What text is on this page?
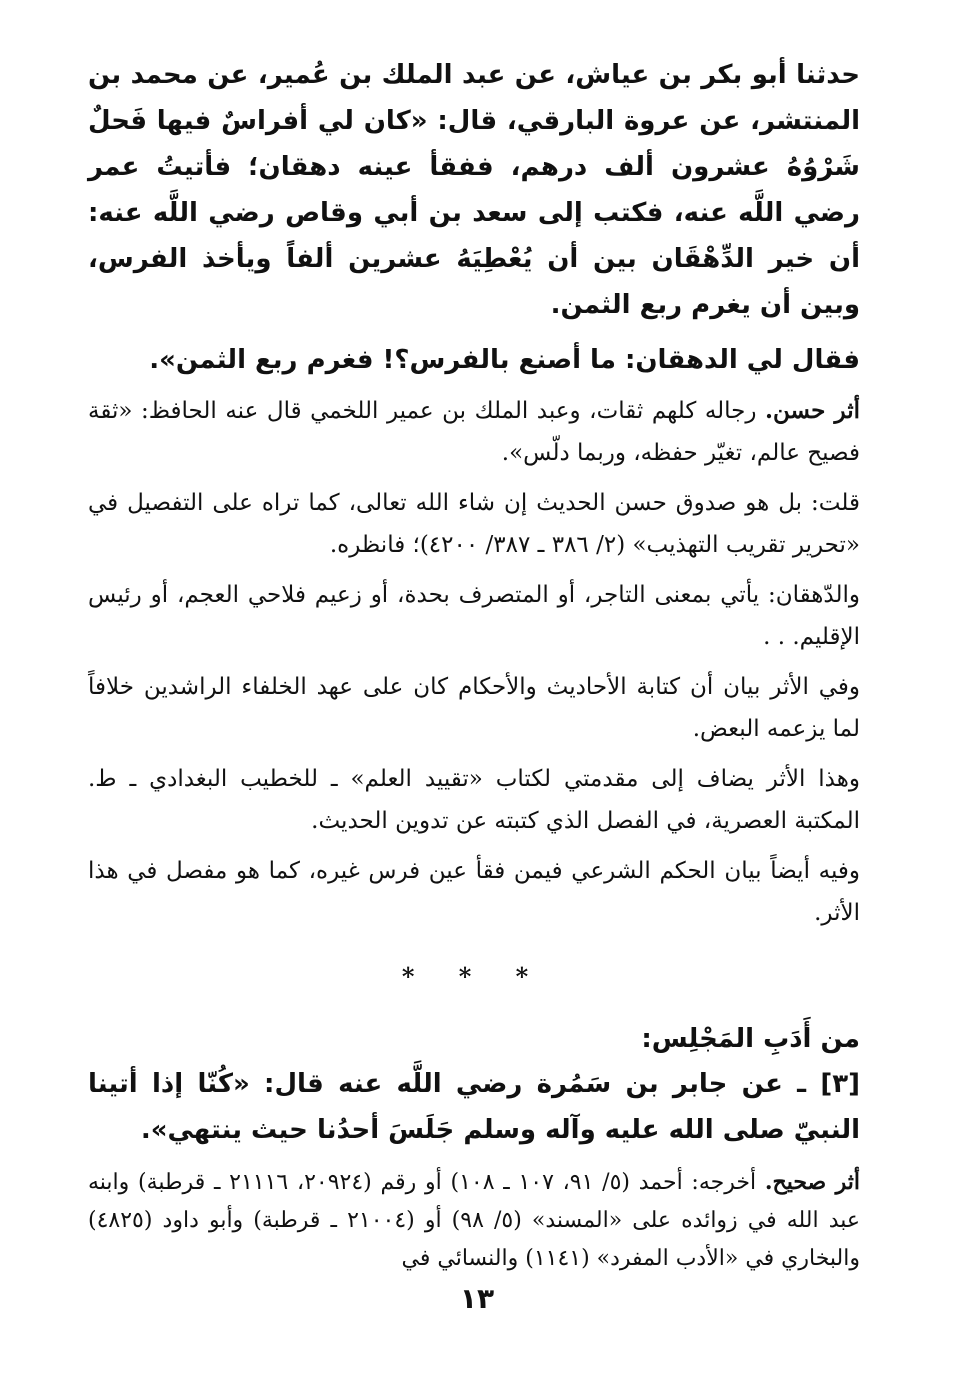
حدثنا أبو بكر بن عياش، عن عبد الملك بن عُمير، عن محمد بن المنتشر، عن عروة البارقي، قال: «كان لي أفراسٌ فيها فَحلٌ شَرْوُهُ عشرون ألف درهم، ففقأ عينه دهقان؛ فأتيتُ عمر رضي اللَّه عنه، فكتب إلى سعد بن أبي وقاص رضي اللَّه عنه: أن خير الدِّهْقَان بين أن يُعْطِيَهُ عشرين ألفاً ويأخذ الفرس، وبين أن يغرم ربع الثمن.

فقال لي الدهقان: ما أصنع بالفرس؟! فغرم ربع الثمن».

أثر حسن. رجاله كلهم ثقات، وعبد الملك بن عمير اللخمي قال عنه الحافظ: «ثقة فصيح عالم، تغيّر حفظه، وربما دلّس».

قلت: بل هو صدوق حسن الحديث إن شاء الله تعالى، كما تراه على التفصيل في «تحرير تقريب التهذيب» (٢/ ٣٨٦ ـ ٣٨٧/ ٤٢٠٠)؛ فانظره.

والدّهقان: يأتي بمعنى التاجر، أو المتصرف بحدة، أو زعيم فلاحي العجم، أو رئيس الإقليم. . .

وفي الأثر بيان أن كتابة الأحاديث والأحكام كان على عهد الخلفاء الراشدين خلافاً لما يزعمه البعض.

وهذا الأثر يضاف إلى مقدمتي لكتاب «تقييد العلم» ـ للخطيب البغدادي ـ ط. المكتبة العصرية، في الفصل الذي كتبته عن تدوين الحديث.

وفيه أيضاً بيان الحكم الشرعي فيمن فقأ عين فرس غيره، كما هو مفصل في هذا الأثر.

* * *

من أَدَبِ المَجْلِس:

[٣] ـ عن جابر بن سَمُرة رضي اللَّه عنه قال: «كُنّا إذا أتينا النبيّ صلى الله عليه وآله وسلم جَلَسَ أحدُنا حيث ينتهي».

أثر صحيح. أخرجه: أحمد (٥/ ٩١، ١٠٧ ـ ١٠٨) أو رقم (٢٠٩٢٤، ٢١١١٦ ـ قرطبة) وابنه عبد الله في زوائده على «المسند» (٥/ ٩٨) أو (٢١٠٠٤ ـ قرطبة) وأبو داود (٤٨٢٥) والبخاري في «الأدب المفرد» (١١٤١) والنسائي في

١٣
